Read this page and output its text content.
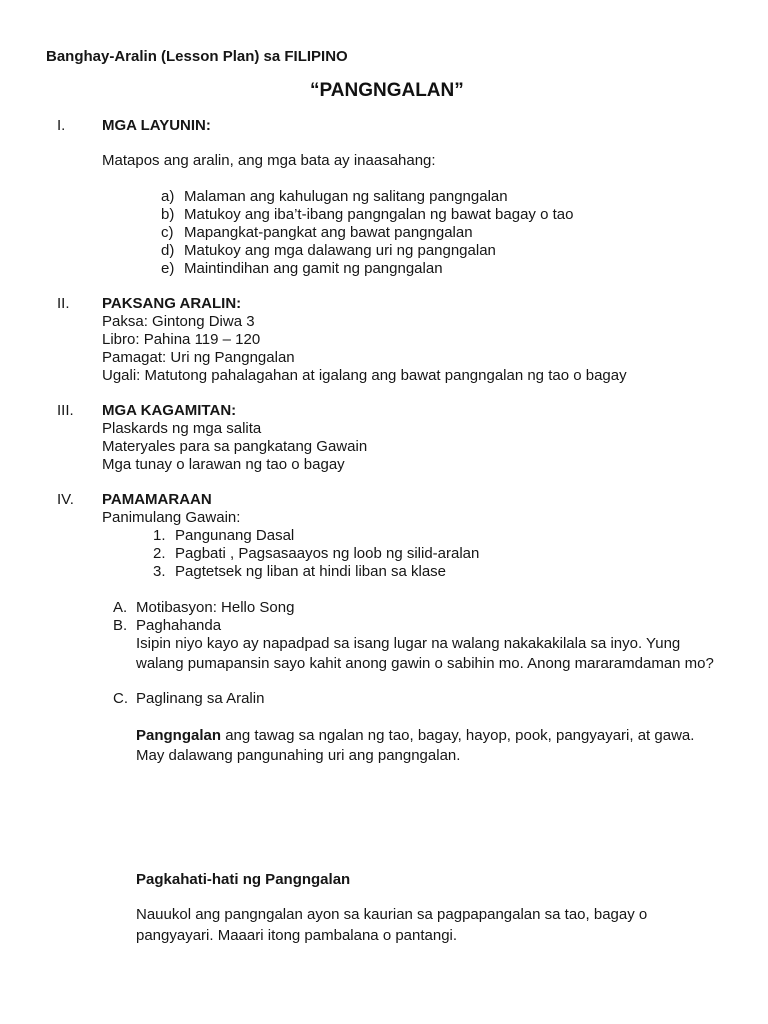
Banghay-Aralin (Lesson Plan) sa FILIPINO
“PANGNGALAN”
I. MGA LAYUNIN:
Matapos ang aralin, ang mga bata ay inaasahang:
a) Malaman ang kahulugan ng salitang pangngalan
b) Matukoy ang iba’t-ibang pangngalan ng bawat bagay o tao
c) Mapangkat-pangkat ang bawat pangngalan
d) Matukoy ang mga dalawang uri ng pangngalan
e) Maintindihan ang gamit ng pangngalan
II. PAKSANG ARALIN:
Paksa: Gintong Diwa 3
Libro: Pahina 119 – 120
Pamagat: Uri ng Pangngalan
Ugali: Matutong pahalagahan at igalang ang bawat pangngalan ng tao o bagay
III. MGA KAGAMITAN:
Plaskards ng mga salita
Materyales para sa pangkatang Gawain
Mga tunay o larawan ng tao o bagay
IV. PAMAMARAAN
Panimulang Gawain:
1. Pangunang Dasal
2. Pagbati , Pagsasaayos ng loob ng silid-aralan
3. Pagtetsek ng liban at hindi liban sa klase
A. Motibasyon: Hello Song
B. Paghahanda
Isipin niyo kayo ay napadpad sa isang lugar na walang nakakakilala sa inyo. Yung
walang pumapansin sayo kahit anong gawin o sabihin mo. Anong mararamdaman mo?
C. Paglinang sa Aralin
Pangngalan ang tawag sa ngalan ng tao, bagay, hayop, pook, pangyayari, at gawa.
May dalawang pangunahing uri ang pangngalan.
Pagkahati-hati ng Pangngalan
Nauukol ang pangngalan ayon sa kaurian sa pagpapangalan sa tao, bagay o
pangyayari. Maaari itong pambalana o pantangi.
